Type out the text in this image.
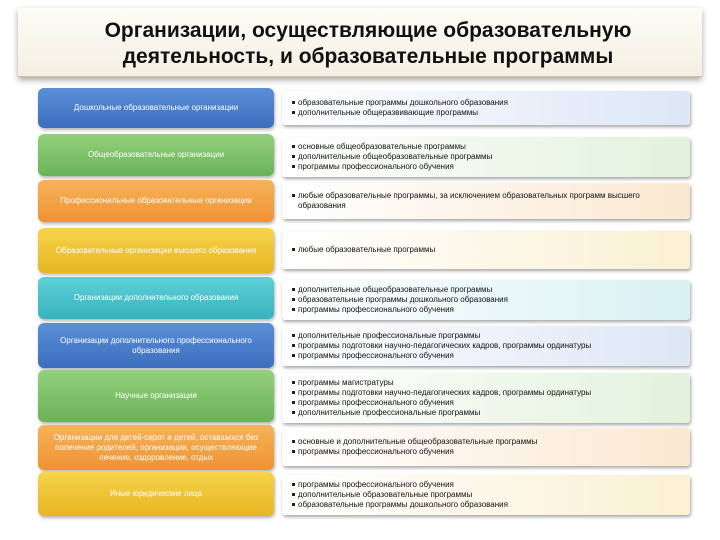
Организации, осуществляющие образовательную деятельность, и образовательные программы
Дошкольные образовательные организации
образовательные программы дошкольного образования
дополнительные общеразвивающие программы
Общеобразовательные организации
основные общеобразовательные программы
дополнительные общеобразовательные программы
программы профессионального обучения
Профессиональные образовательные организации
любые образовательные программы, за исключением образовательных программ высшего образования
Образовательные организации высшего образования	любые образовательные программы
Организации дополнительного образования
дополнительные общеобразовательные программы
образовательные программы дошкольного образования
программы профессионального обучения
Организации дополнительного профессионального образования
дополнительные профессиональные программы
программы подготовки научно-педагогических кадров, программы ординатуры
программы профессионального обучения
Научные организации
программы магистратуры
программы подготовки научно-педагогических кадров, программы ординатуры
программы профессионального обучения
дополнительные профессиональные программы
Организации для детей-сирот и детей, оставшихся без попечения родителей, организации, осуществляющие лечение, оздоровление, отдых
основные и дополнительные общеобразовательные программы
программы профессионального обучения
Иные юридические лица
программы профессионального обучения
дополнительные образовательные программы
образовательные программы дошкольного образования
